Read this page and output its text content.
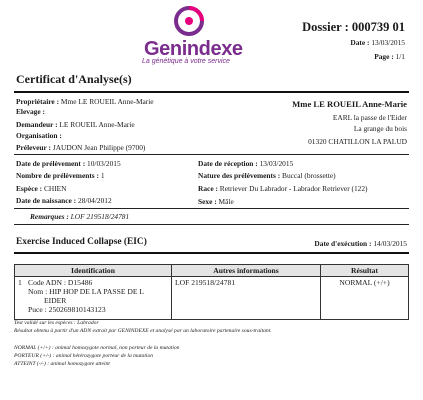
Genindexe
La génétique à votre service
Dossier : 000739 01
Date : 13/03/2015
Page : 1/1
Certificat d'Analyse(s)
Propriétaire : Mme LE ROUEIL Anne-Marie
Elevage :
Demandeur : LE ROUEIL Anne-Marie
Organisation :
Préleveur : JAUDON Jean Philippe (9700)
Mme LE ROUEIL Anne-Marie
EARL la passe de l'Eider
La grange du bois
01320 CHATILLON LA PALUD
Date de prélèvement : 10/03/2015
Nombre de prélèvements : 1
Espèce : CHIEN
Date de naissance : 28/04/2012
Date de réception : 13/03/2015
Nature des prélèvements : Buccal (brossette)
Race : Retriever Du Labrador - Labrador Retriever (122)
Sexe : Mâle
Remarques : LOF 219518/24781
Exercise Induced Collapse (EIC)	Date d'exécution : 14/03/2015
Identification	Autres informations	Résultat

1 Code ADN : D15486
Nom : HIP HOP DE LA PASSE DE L
EIDER
Puce : 250269810143123	LOF 219518/24781	NORMAL (+/+)
Test validé sur les espèces : Labrador
Résultat obtenu à partir d'un ADN extrait par GENINDEXE et analysé par un laboratoire partenaire sous-traitant.
NORMAL (+/+) : animal homozygote normal, non porteur de la mutation
PORTEUR (+/-) : animal hétérozygote porteur de la mutation
ATTEINT (-/-) : animal homozygote atteint
